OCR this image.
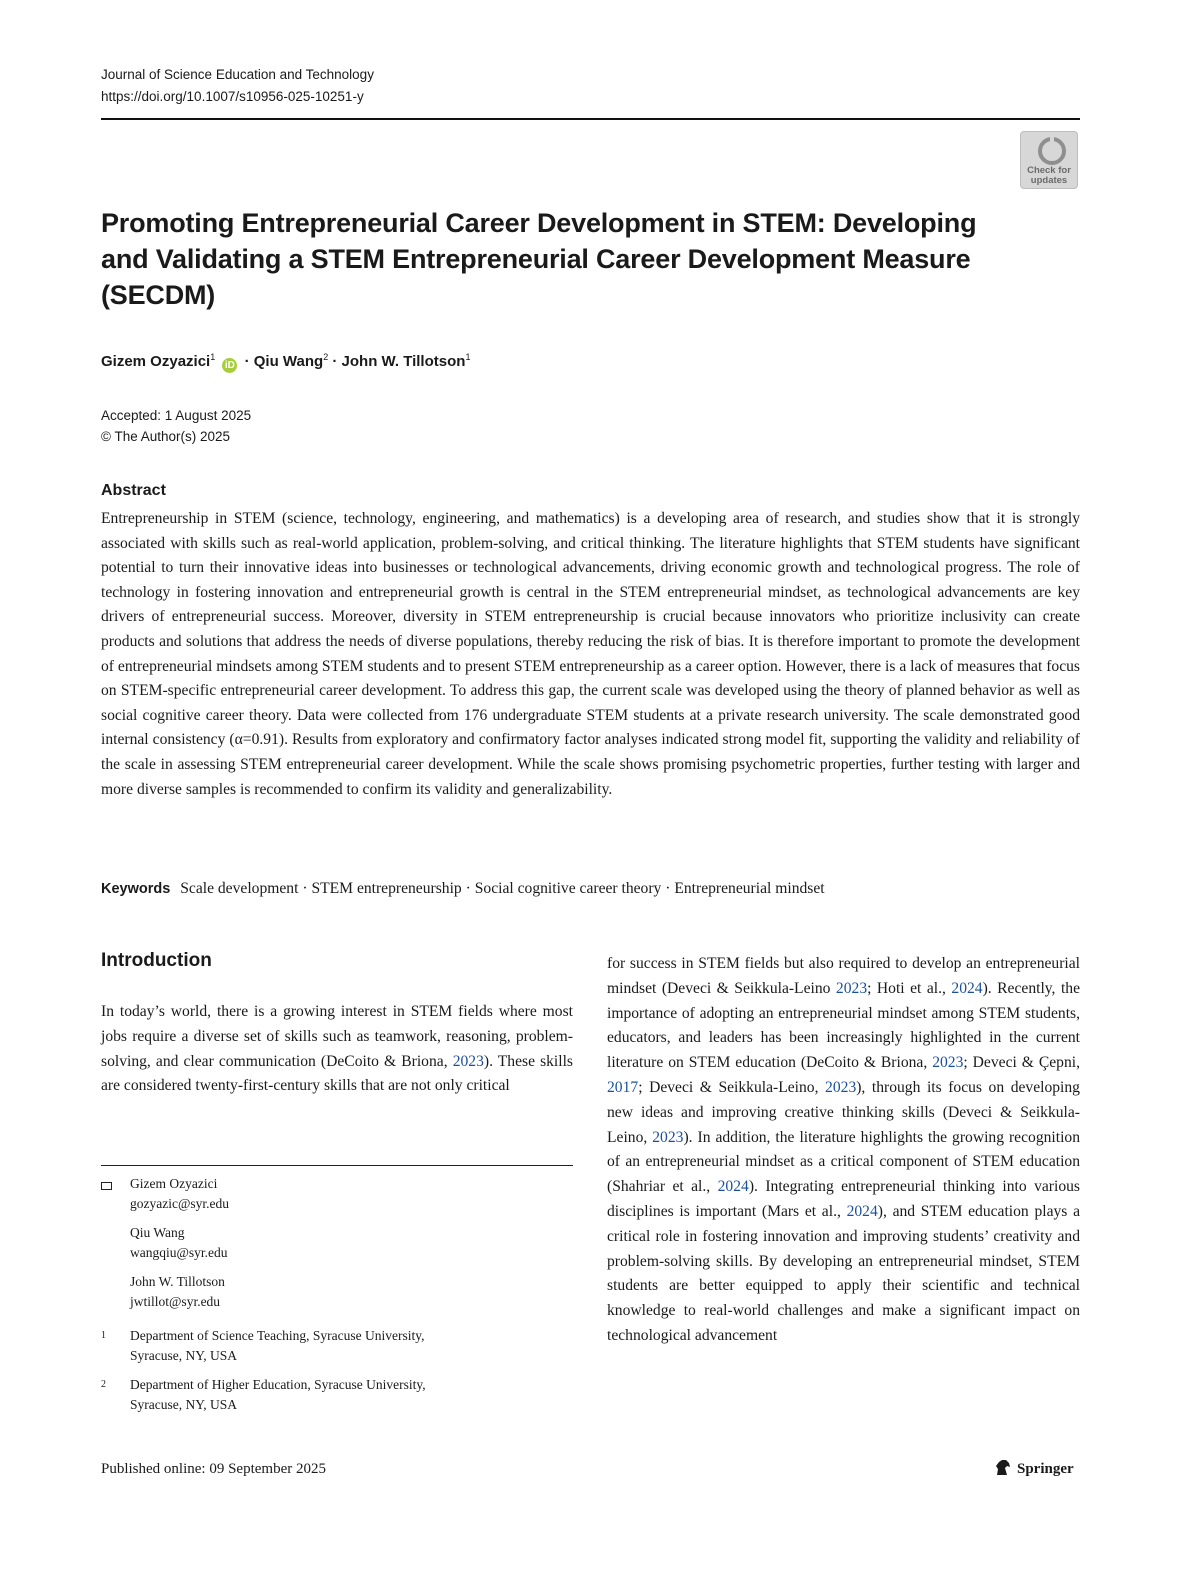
Journal of Science Education and Technology
https://doi.org/10.1007/s10956-025-10251-y
Check for
updates
Promoting Entrepreneurial Career Development in STEM: Developing and Validating a STEM Entrepreneurial Career Development Measure (SECDM)
Gizem Ozyazici$^1$ iD · Qiu Wang$^2$ · John W. Tillotson$^1$
Accepted: 1 August 2025
© The Author(s) 2025
Abstract

Entrepreneurship in STEM (science, technology, engineering, and mathematics) is a developing area of research, and studies show that it is strongly associated with skills such as real-world application, problem-solving, and critical thinking. The literature highlights that STEM students have significant potential to turn their innovative ideas into businesses or technological advancements, driving economic growth and technological progress. The role of technology in fostering innovation and entrepreneurial growth is central in the STEM entrepreneurial mindset, as technological advancements are key drivers of entrepreneurial success. Moreover, diversity in STEM entrepreneurship is crucial because innovators who prioritize inclusivity can create products and solutions that address the needs of diverse populations, thereby reducing the risk of bias. It is therefore important to promote the development of entrepreneurial mindsets among STEM students and to present STEM entrepreneurship as a career option. However, there is a lack of measures that focus on STEM-specific entrepreneurial career development. To address this gap, the current scale was developed using the theory of planned behavior as well as social cognitive career theory. Data were collected from 176 undergraduate STEM students at a private research university. The scale demonstrated good internal consistency (α=0.91). Results from exploratory and confirmatory factor analyses indicated strong model fit, supporting the validity and reliability of the scale in assessing STEM entrepreneurial career development. While the scale shows promising psychometric properties, further testing with larger and more diverse samples is recommended to confirm its validity and generalizability.

Keywords Scale development · STEM entrepreneurship · Social cognitive career theory · Entrepreneurial mindset
Introduction

In today’s world, there is a growing interest in STEM fields where most jobs require a diverse set of skills such as teamwork, reasoning, problem-solving, and clear communication (DeCoito & Briona, 2023). These skills are considered twenty-first-century skills that are not only critical

for success in STEM fields but also required to develop an entrepreneurial mindset (Deveci & Seikkula-Leino 2023; Hoti et al., 2024). Recently, the importance of adopting an entrepreneurial mindset among STEM students, educators, and leaders has been increasingly highlighted in the current literature on STEM education (DeCoito & Briona, 2023; Deveci & Çepni, 2017; Deveci & Seikkula-Leino, 2023), through its focus on developing new ideas and improving creative thinking skills (Deveci & Seikkula-Leino, 2023). In addition, the literature highlights the growing recognition of an entrepreneurial mindset as a critical component of STEM education (Shahriar et al., 2024). Integrating entrepreneurial thinking into various disciplines is important (Mars et al., 2024), and STEM education plays a critical role in fostering innovation and improving students’ creativity and problem-solving skills. By developing an entrepreneurial mindset, STEM students are better equipped to apply their scientific and technical knowledge to real-world challenges and make a significant impact on technological advancement

Gizem Ozyazici
gozyazic@syr.edu
Qiu Wang
wangqiu@syr.edu
John W. Tillotson
jwtillot@syr.edu
1 Department of Science Teaching, Syracuse University,
Syracuse, NY, USA
2 Department of Higher Education, Syracuse University,
Syracuse, NY, USA
Published online: 09 September 2025	Springer
